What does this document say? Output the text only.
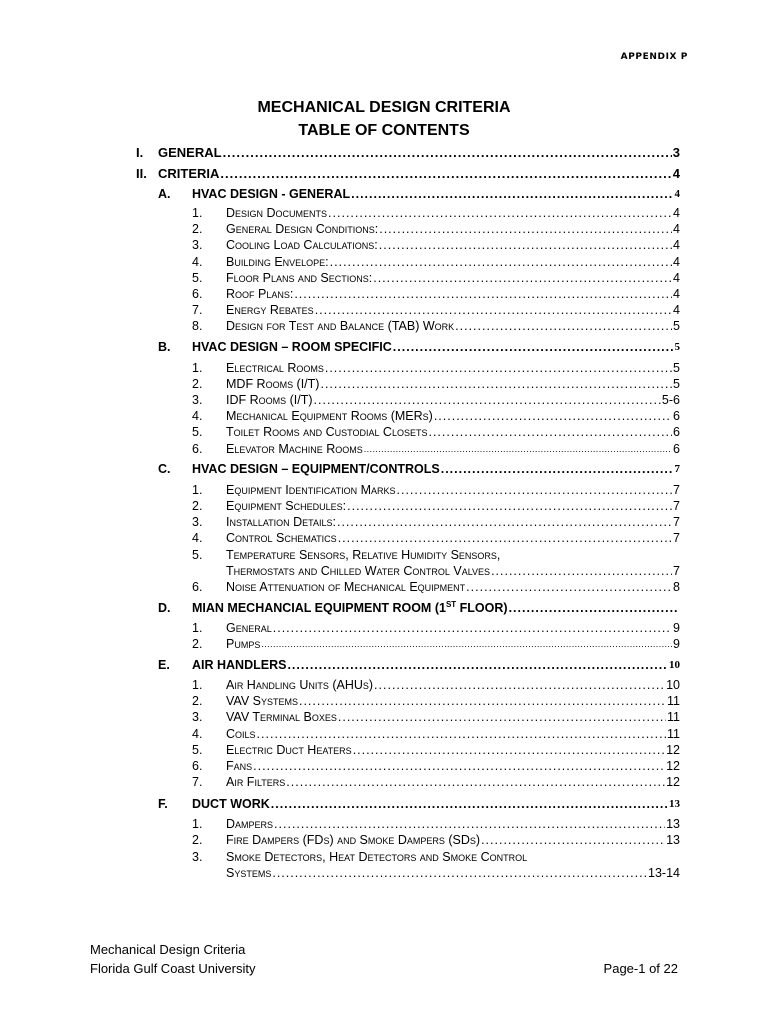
APPENDIX P
MECHANICAL DESIGN CRITERIA
TABLE OF CONTENTS
I. GENERAL .....	3
II. CRITERIA .....	4
A. HVAC DESIGN - GENERAL .....	4
1. Design Documents .....	4
2. General Design Conditions: .....	4
3. Cooling Load Calculations: .....	4
4. Building Envelope: .....	4
5. Floor Plans and Sections: .....	4
6. Roof Plans: .....	4
7. Energy Rebates .....	4
8. Design for Test and Balance (TAB) Work .....	5
B. HVAC DESIGN – ROOM SPECIFIC .....	5
1. Electrical Rooms .....	5
2. MDF Rooms (I/T) .....	5
3. IDF Rooms (I/T) .....	5-6
4. Mechanical Equipment Rooms (MERs) .....	6
5. Toilet Rooms and Custodial Closets .....	6
6. Elevator Machine Rooms .....	6
C. HVAC DESIGN – EQUIPMENT/CONTROLS .....	7
1. Equipment Identification Marks .....	7
2. Equipment Schedules: .....	7
3. Installation Details: .....	7
4. Control Schematics .....	7
5. Temperature Sensors, Relative Humidity Sensors,
Thermostats and Chilled Water Control Valves .....	7
6. Noise Attenuation of Mechanical Equipment .....	8
D. MIAN MECHANCIAL EQUIPMENT ROOM (1ST FLOOR)
.....
1. General .....	9
2. Pumps .....	9
E. AIR HANDLERS .....	10
1. Air Handling Units (AHUs) .....	10
2. VAV Systems .....	11
3. VAV Terminal Boxes .....	11
4. Coils .....	11
5. Electric Duct Heaters .....	12
6. Fans .....	12
7. Air Filters .....	12
F. DUCT WORK .....	13
1. Dampers .....	13
2. Fire Dampers (FDs) and Smoke Dampers (SDs) .....	13
3. Smoke Detectors, Heat Detectors and Smoke Control
Systems .....	13-14
Mechanical Design Criteria
Florida Gulf Coast University	Page-1 of 22
